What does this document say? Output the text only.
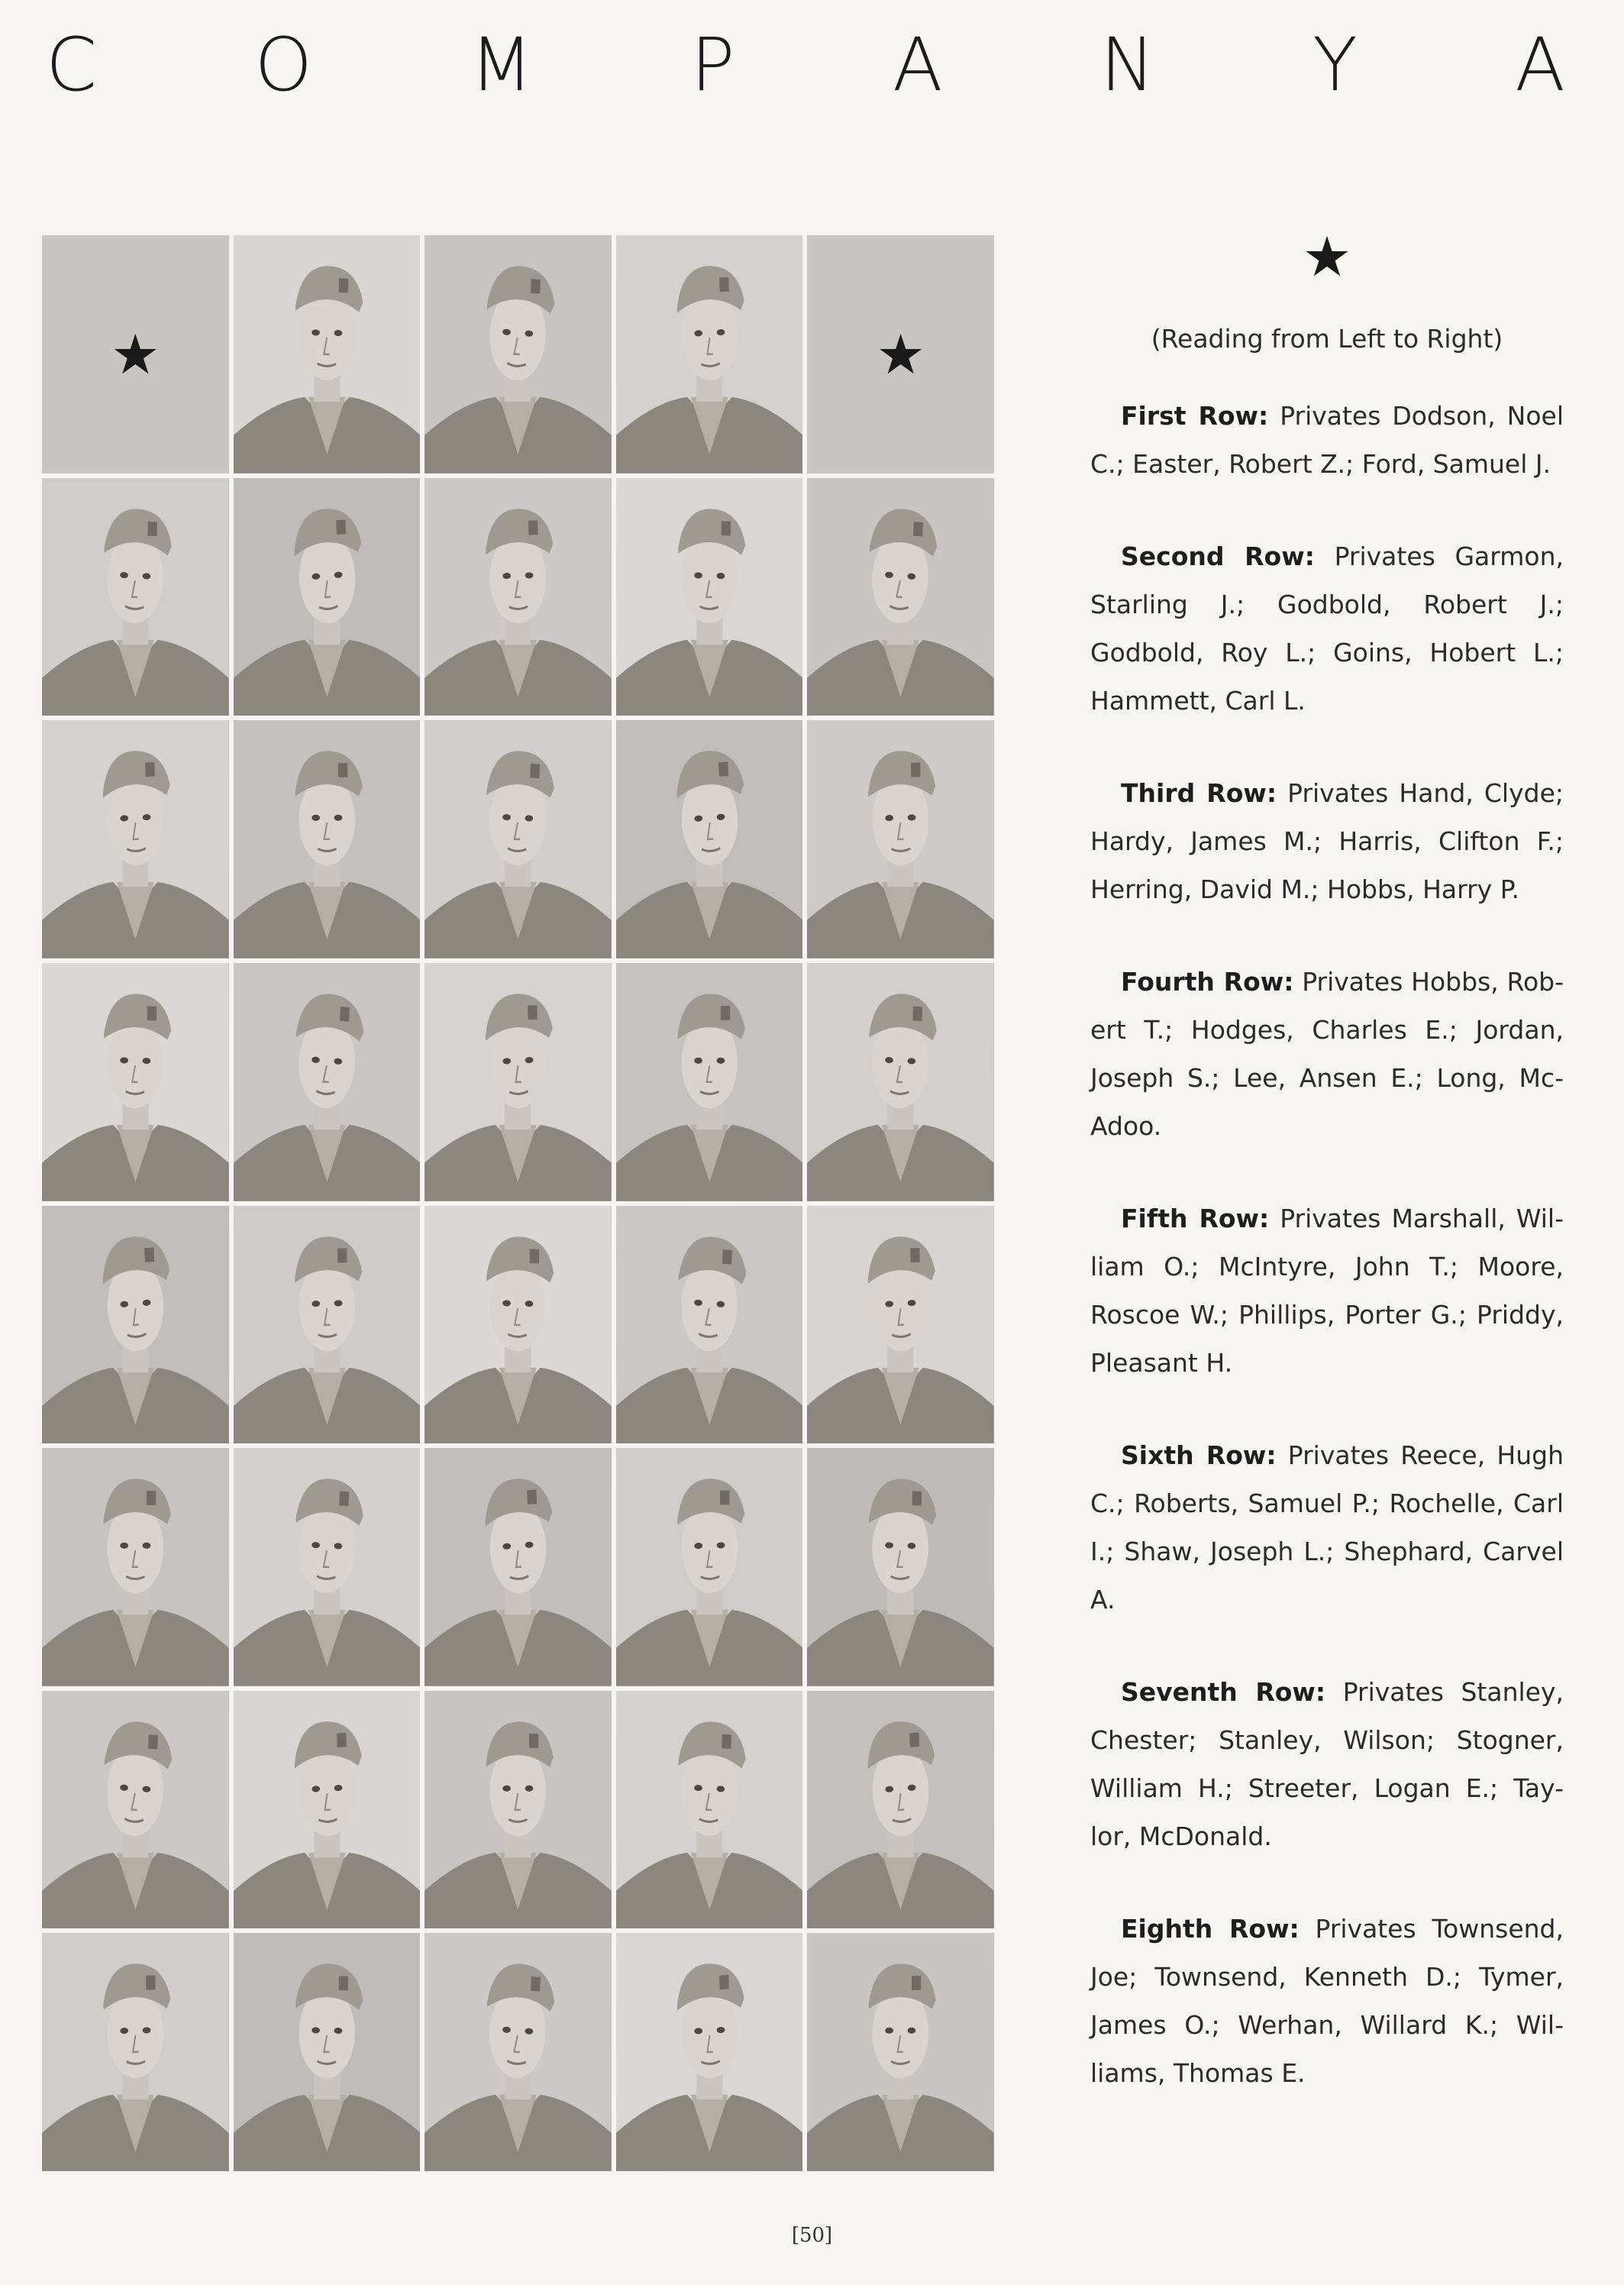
C O M P A N Y A
★	★
★
(Reading from Left to Right)
First Row: Privates Dodson, Noel C.; Easter, Robert Z.; Ford, Samuel J.
Second Row: Privates Garmon, Starling J.; Godbold, Robert J.; Godbold, Roy L.; Goins, Hobert L.; Hammett, Carl L.
Third Row: Privates Hand, Clyde; Hardy, James M.; Harris, Clifton F.; Herring, David M.; Hobbs, Harry P.
Fourth Row: Privates Hobbs, Rob-ert T.; Hodges, Charles E.; Jordan, Joseph S.; Lee, Ansen E.; Long, Mc-Adoo.
Fifth Row: Privates Marshall, Wil-liam O.; McIntyre, John T.; Moore, Roscoe W.; Phillips, Porter G.; Priddy, Pleasant H.
Sixth Row: Privates Reece, Hugh C.; Roberts, Samuel P.; Rochelle, Carl I.; Shaw, Joseph L.; Shephard, Carvel A.
Seventh Row: Privates Stanley, Chester; Stanley, Wilson; Stogner, William H.; Streeter, Logan E.; Tay-lor, McDonald.
Eighth Row: Privates Townsend, Joe; Townsend, Kenneth D.; Tymer, James O.; Werhan, Willard K.; Wil-liams, Thomas E.
[50]
